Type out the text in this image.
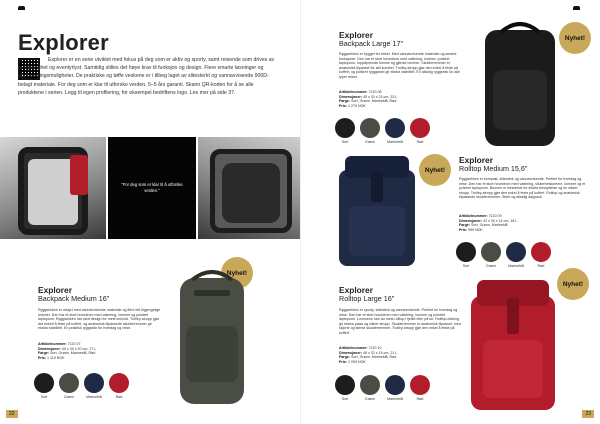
Explorer

Explorer er en serie utviklet med fokus på deg som er aktiv og sporty, samt reisende som drives av nysgjerrighet og eventyrlyst. Samtidig stilles det høye krav til funksjon og design. Flere smarte løsninger og oppbevaringsmuligheter. De praktiske og tøffe veskene er i tilbeg laget av slitesterkt og vannavvisende 900D-belagt materiale. For deg som er klar til utforske verden. 5–5 års garanti. Skann QR-koden for å se alle produktene i serien. Legg til egen profilering, for eksempel bedriftens logo. Les mer på side 37.

"For deg som er klar til å utforske verden."
Nyhet!
Explorer
Backpack Medium 16"

Ryggsekken er utstyrt med vannavvisende materiale og flere lett tilgjengelige lommer. Den har et stort hovedrom med vattering, lommer og polstret laptoprom. Ryggsekken har stort design for mest innhold. Trolley-stropp gjør det enkelt å feste på koffert, og anatomisk tilpassede skulderremmer gir ekstra stabilitet. En praktisk ryggsekk for hverdag og reise.

Artikkelnummer: 7120 07
Dimensjoner: 45 x 30 x 20 cm, 27 L
Farge: Sort, Grønn, Marineblå, Rød
Pris: 1 119 NOK
Sort	Grønn	Marineblå	Rød
22
Explorer
Backpack Large 17"

Ryggsekken er bygget for reiser. Med vannavvisende materiale og smarte funksjoner. Den har et stort hovedrom med vattering, lommer, polstret laptoprom, toppåpnende lomme og gjemte lommer. Skulderremmer er anatomisk tilpasset for økt komfort. Trolley-stropp gjør den enkel å feste på koffert, og polstret ryggpanel gir ekstra stabilitet. En allsidig ryggsekk for alle typer reiser.

Artikkelnummer: 7120 08
Dimensjoner: 45 x 33 x 23 cm, 33 L
Farge: Sort, Grønn, Marineblå, Rød
Pris: 1 279 NOK
Sort	Grønn	Marineblå	Rød
Nyhet!
Nyhet!
Explorer
Rolltop Medium 15,6"

Ryggsekken er kompakt, slitesterk og vannavvisende. Perfekt for hverdag og reise. Den har et stort hovedrom med vattering, sikkerhetslomme, lommer og et polstret laptoprom. Bunnen er forsterket for ekstra beskyttelse og en sikker stropp. Trolley-stropp gjør den enkel å feste på koffert. Rolltop og anatomisk tilpassede skulderremmer. Sterk og allsidig daypack.

Artikkelnummer: 7120 09
Dimensjoner: 42 x 30 x 14 cm, 18 L
Farge: Sort, Grønn, Marineblå
Pris: 999 NOK
Sort	Grønn	Marineblå	Rød
Explorer
Rolltop Large 16"

Ryggsekken er sporty, slitesterk og vannavvisende. Perfekt for hverdag og reise. Den har et stort hovedrom med vattering, lommer og polstret laptoprom. Lommene kan du mest rolltop i fjellet eller på tur. Rolltop-lukking gir ekstra plass og sikker stropp. Skulderremmer er anatomisk tilpasset, med skjorte og sterke skulderremmer. Trolley-stropp gjør den enkel å feste på koffert.

Artikkelnummer: 7120 10
Dimensjoner: 46 x 32 x 15 cm, 21 L
Farge: Sort, Grønn, Marineblå, Rød
Pris: 1 099 NOK
Sort	Grønn	Marineblå	Rød
Nyhet!
23
